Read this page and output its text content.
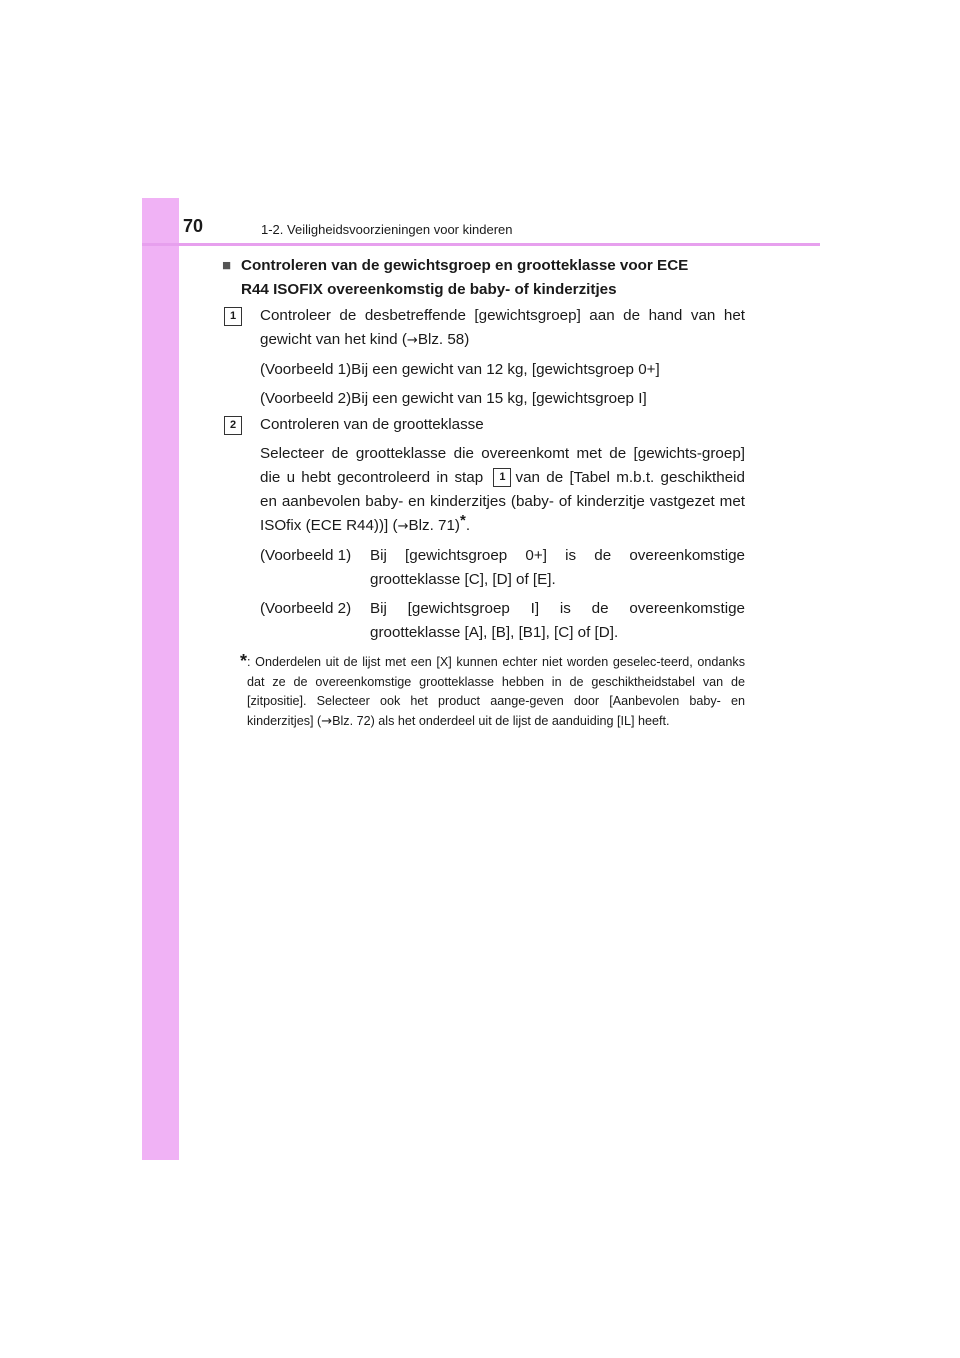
70	1-2. Veiligheidsvoorzieningen voor kinderen
■ Controleren van de gewichtsgroep en grootteklasse voor ECE
R44 ISOFIX overeenkomstig de baby- of kinderzitjes
1	Controleer de desbetreffende [gewichtsgroep] aan de hand van het gewicht van het kind (→Blz. 58)
(Voorbeeld 1)Bij een gewicht van 12 kg, [gewichtsgroep 0+]
(Voorbeeld 2)Bij een gewicht van 15 kg, [gewichtsgroep I]
2	Controleren van de grootteklasse
Selecteer de grootteklasse die overeenkomt met de [gewichts-groep] die u hebt gecontroleerd in stap 1 van de [Tabel m.b.t. geschiktheid en aanbevolen baby- en kinderzitjes (baby- of kinderzitje vastgezet met ISOfix (ECE R44))] (→Blz. 71)*.
(Voorbeeld 1)	Bij [gewichtsgroep 0+] is de overeenkomstige grootteklasse [C], [D] of [E].
(Voorbeeld 2) Bij [gewichtsgroep I] is de overeenkomstige
grootteklasse [A], [B], [B1], [C] of [D].
* : Onderdelen uit de lijst met een [X] kunnen echter niet worden geselec-teerd, ondanks dat ze de overeenkomstige grootteklasse hebben in de geschiktheidstabel van de [zitpositie]. Selecteer ook het product aange-geven door [Aanbevolen baby- en kinderzitjes] (→Blz. 72) als het onderdeel uit de lijst de aanduiding [IL] heeft.
